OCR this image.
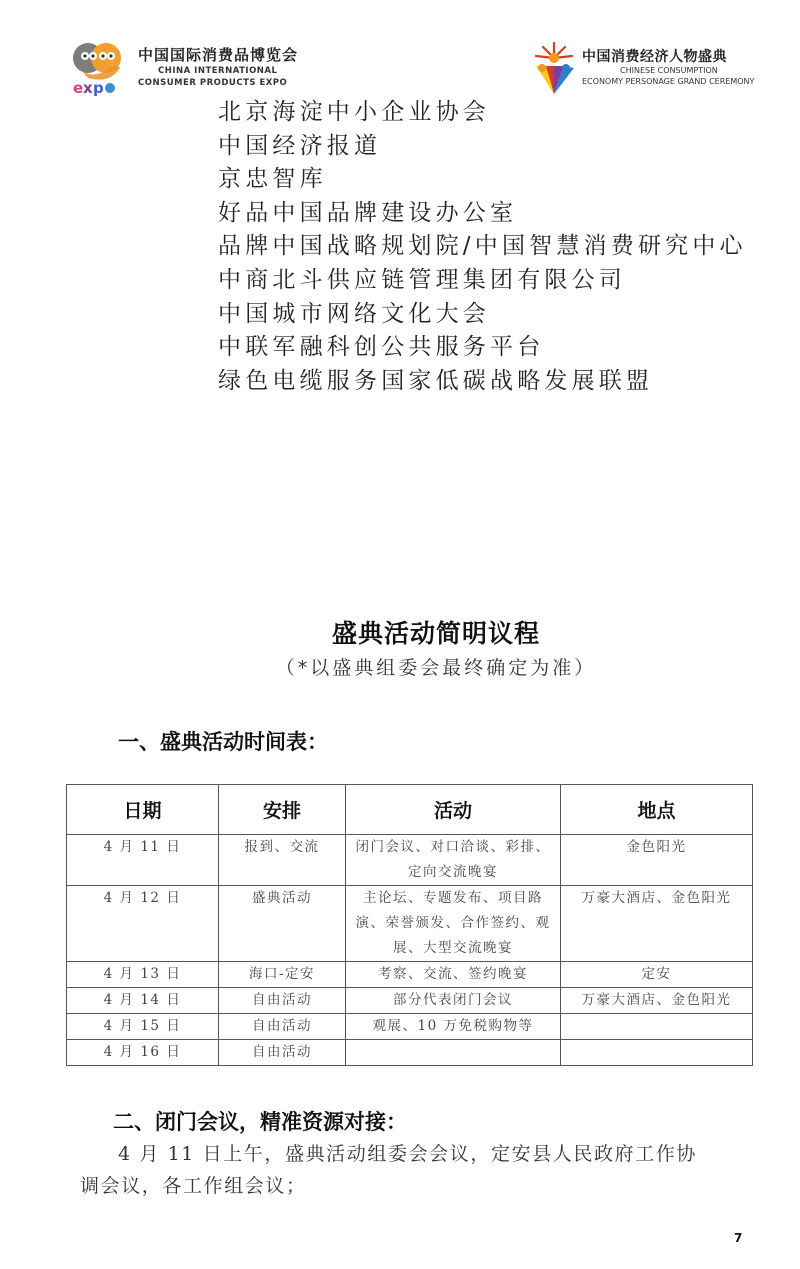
e x p
中国国际消费品博览会
CHINA INTERNATIONAL
CONSUMER PRODUCTS EXPO
中国消费经济人物盛典
CHINESE CONSUMPTION
ECONOMY PERSONAGE GRAND CEREMONY
北京海淀中小企业协会
中国经济报道
京忠智库
好品中国品牌建设办公室
品牌中国战略规划院/中国智慧消费研究中心
中商北斗供应链管理集团有限公司
中国城市网络文化大会
中联军融科创公共服务平台
绿色电缆服务国家低碳战略发展联盟
盛典活动简明议程
（*以盛典组委会最终确定为准）
一、盛典活动时间表：
日期	安排	活动	地点
4 月 11 日	报到、交流	闭门会议、对口洽谈、彩排、定向交流晚宴	金色阳光
4 月 12 日	盛典活动	主论坛、专题发布、项目路演、荣誉颁发、合作签约、观展、大型交流晚宴	万豪大酒店、金色阳光
4 月 13 日	海口-定安	考察、交流、签约晚宴	定安
4 月 14 日	自由活动	部分代表闭门会议	万豪大酒店、金色阳光
4 月 15 日	自由活动	观展、10 万免税购物等	
4 月 16 日	自由活动		
二、闭门会议，精准资源对接：

4 月 11 日上午，盛典活动组委会会议，定安县人民政府工作协

调会议，各工作组会议；

7
